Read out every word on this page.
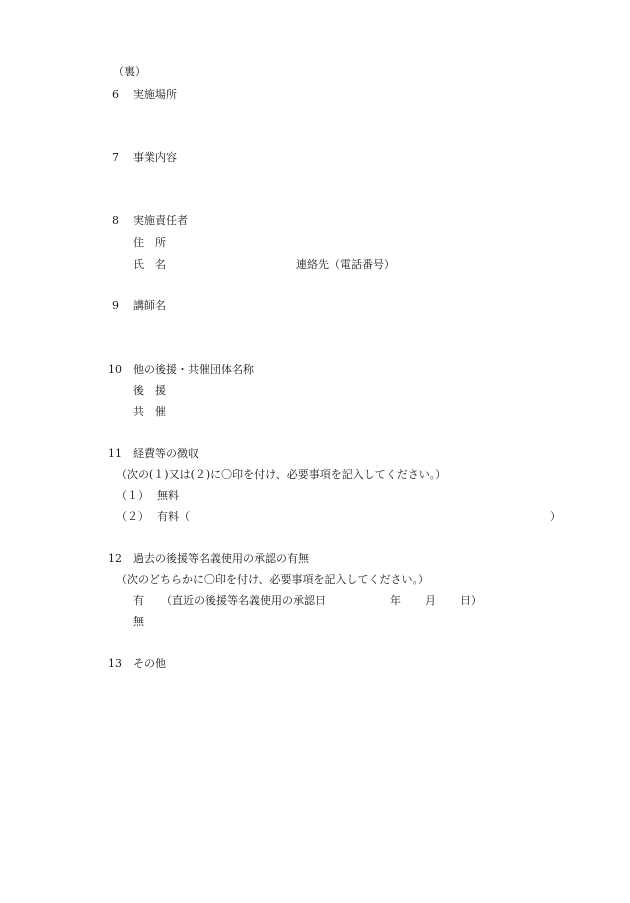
（裏）
6 実施場所
7 事業内容
8 実施責任者
住　所
氏　名	連絡先（電話番号）
9 講師名
10 他の後援・共催団体名称
後　援
共　催
11 経費等の徴収
（次の(１)又は(２)に〇印を付け、必要事項を記入してください。）
（１） 無料
（２） 有料（	）
12 過去の後援等名義使用の承認の有無
（次のどちらかに〇印を付け、必要事項を記入してください。）
有 （直近の後援等名義使用の承認日	年 月 日）
無
13 その他
